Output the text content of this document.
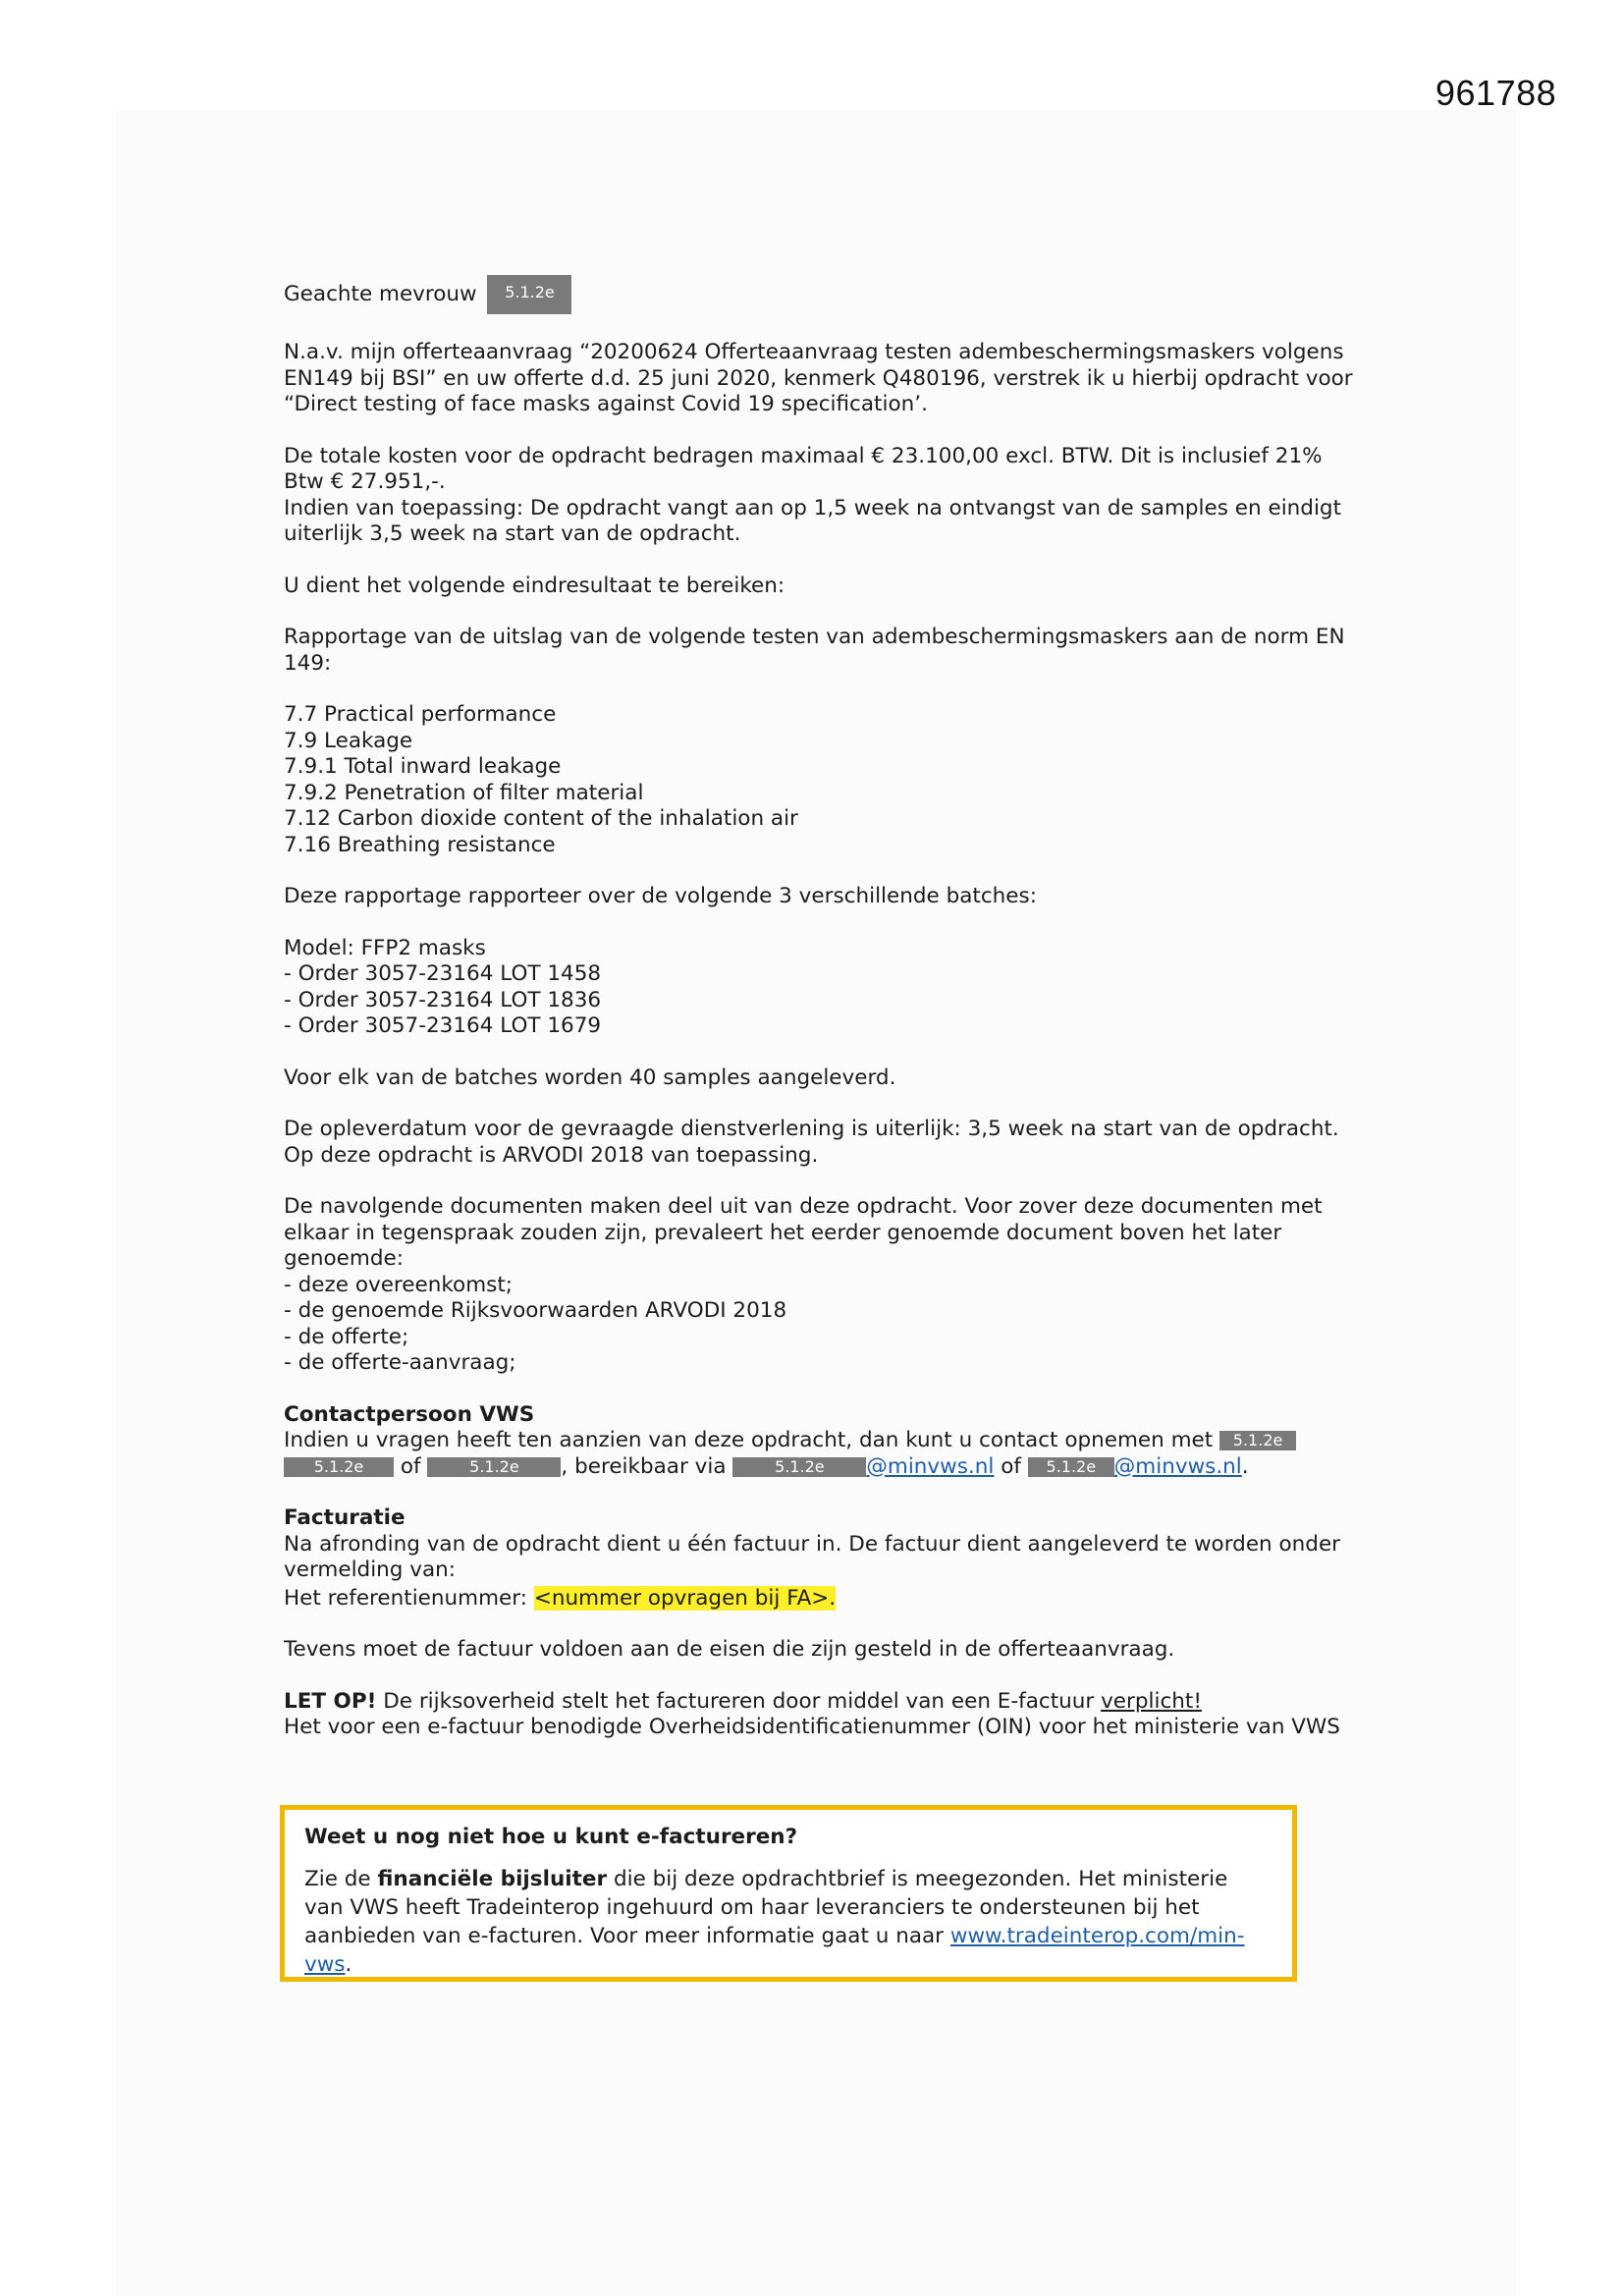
961788

Geachte mevrouw 5.1.2e

N.a.v. mijn offerteaanvraag “20200624 Offerteaanvraag testen adembeschermingsmaskers volgens EN149 bij BSI” en uw offerte d.d. 25 juni 2020, kenmerk Q480196, verstrek ik u hierbij opdracht voor “Direct testing of face masks against Covid 19 specification’.

De totale kosten voor de opdracht bedragen maximaal € 23.100,00 excl. BTW. Dit is inclusief 21% Btw € 27.951,-.

Indien van toepassing: De opdracht vangt aan op 1,5 week na ontvangst van de samples en eindigt uiterlijk 3,5 week na start van de opdracht.

U dient het volgende eindresultaat te bereiken:

Rapportage van de uitslag van de volgende testen van adembeschermingsmaskers aan de norm EN 149:

7.7 Practical performance
7.9 Leakage
7.9.1 Total inward leakage
7.9.2 Penetration of filter material
7.12 Carbon dioxide content of the inhalation air
7.16 Breathing resistance

Deze rapportage rapporteer over de volgende 3 verschillende batches:

Model: FFP2 masks

- Order 3057-23164 LOT 1458
- Order 3057-23164 LOT 1836
- Order 3057-23164 LOT 1679

Voor elk van de batches worden 40 samples aangeleverd.

De opleverdatum voor de gevraagde dienstverlening is uiterlijk: 3,5 week na start van de opdracht.

Op deze opdracht is ARVODI 2018 van toepassing.

De navolgende documenten maken deel uit van deze opdracht. Voor zover deze documenten met elkaar in tegenspraak zouden zijn, prevaleert het eerder genoemde document boven het later genoemde:

- deze overeenkomst;
- de genoemde Rijksvoorwaarden ARVODI 2018
- de offerte;
- de offerte-aanvraag;

Contactpersoon VWS

Indien u vragen heeft ten aanzien van deze opdracht, dan kunt u contact opnemen met 5.1.2e
5.1.2e of	5.1.2e , bereikbaar via	5.1.2e @minvws.nl of 5.1.2e @minvws.nl.

Facturatie

Na afronding van de opdracht dient u één factuur in. De factuur dient aangeleverd te worden onder vermelding van:

Het referentienummer: <nummer opvragen bij FA>.

Tevens moet de factuur voldoen aan de eisen die zijn gesteld in de offerteaanvraag.

LET OP! De rijksoverheid stelt het factureren door middel van een E-factuur verplicht!

Het voor een e-factuur benodigde Overheidsidentificatienummer (OIN) voor het ministerie van VWS

Weet u nog niet hoe u kunt e-factureren?

Zie de financiële bijsluiter die bij deze opdrachtbrief is meegezonden. Het ministerie van VWS heeft Tradeinterop ingehuurd om haar leveranciers te ondersteunen bij het aanbieden van e-facturen. Voor meer informatie gaat u naar www.tradeinterop.com/min-vws.
